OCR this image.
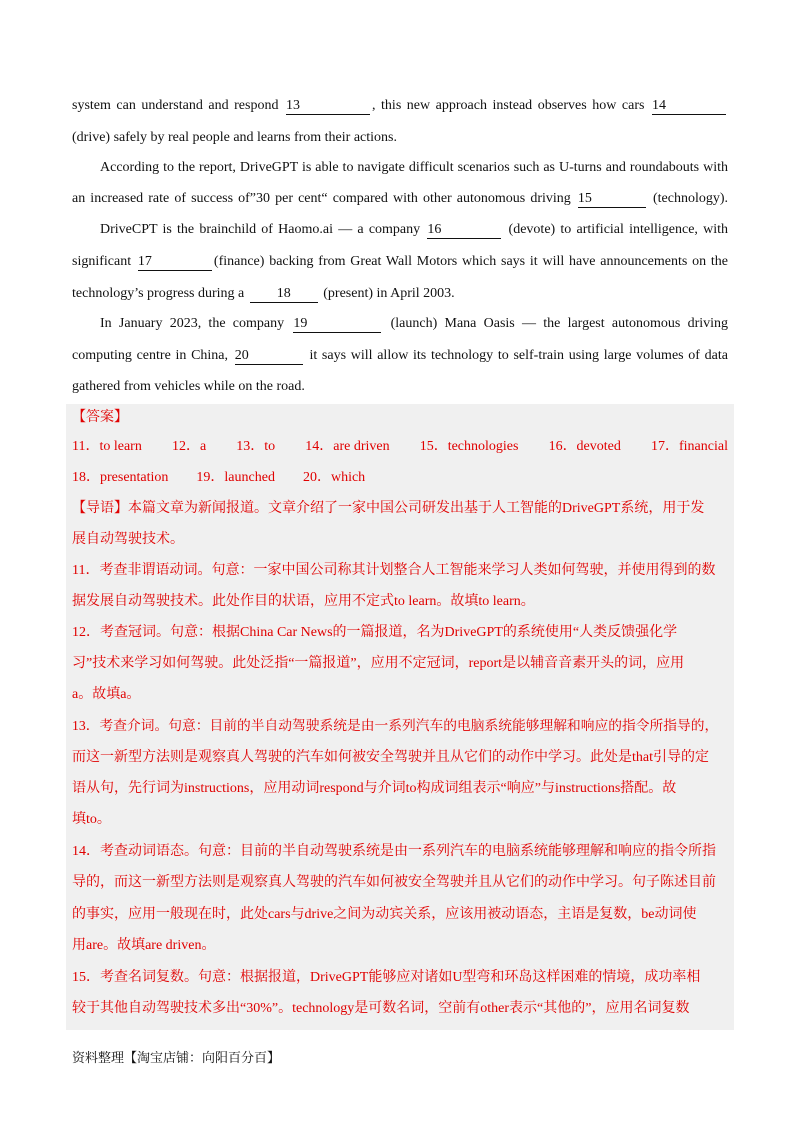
system can understand and respond 13	, this new approach instead observes how cars 14
(drive) safely by real people and learns from their actions.
According to the report, DriveGPT is able to navigate difficult scenarios such as U-turns and roundabouts with
an increased rate of success of”30 per cent“ compared with other autonomous driving 15	(technology).
DriveCPT is the brainchild of Haomo.ai — a company 16	(devote) to artificial intelligence, with
significant 17	(finance) backing from Great Wall Motors which says it will have announcements on the
technology’s progress during a 18 (present) in April 2003.
In January 2023, the company 19	(launch) Mana Oasis — the largest autonomous driving
computing centre in China, 20	it says will allow its technology to self-train using large volumes of data
gathered from vehicles while on the road.
【答案】
11．to learn 12．a 13．to 14．are driven 15．technologies 16．devoted 17．financial
18．presentation 19．launched 20．which
【导语】本篇文章为新闻报道。文章介绍了一家中国公司研发出基于人工智能的DriveGPT系统，用于发
展自动驾驶技术。
11．考查非谓语动词。句意：一家中国公司称其计划整合人工智能来学习人类如何驾驶，并使用得到的数
据发展自动驾驶技术。此处作目的状语，应用不定式to learn。故填to learn。
12．考查冠词。句意：根据China Car News的一篇报道，名为DriveGPT的系统使用“人类反馈强化学
习”技术来学习如何驾驶。此处泛指“一篇报道”，应用不定冠词，report是以辅音音素开头的词，应用
a。故填a。
13．考查介词。句意：目前的半自动驾驶系统是由一系列汽车的电脑系统能够理解和响应的指令所指导的，
而这一新型方法则是观察真人驾驶的汽车如何被安全驾驶并且从它们的动作中学习。此处是that引导的定
语从句，先行词为instructions，应用动词respond与介词to构成词组表示“响应”与instructions搭配。故
填to。
14．考查动词语态。句意：目前的半自动驾驶系统是由一系列汽车的电脑系统能够理解和响应的指令所指
导的，而这一新型方法则是观察真人驾驶的汽车如何被安全驾驶并且从它们的动作中学习。句子陈述目前
的事实，应用一般现在时，此处cars与drive之间为动宾关系，应该用被动语态，主语是复数，be动词使
用are。故填are driven。
15．考查名词复数。句意：根据报道，DriveGPT能够应对诸如U型弯和环岛这样困难的情境，成功率相
较于其他自动驾驶技术多出“30%”。technology是可数名词，空前有other表示“其他的”，应用名词复数
资料整理【淘宝店铺：向阳百分百】
